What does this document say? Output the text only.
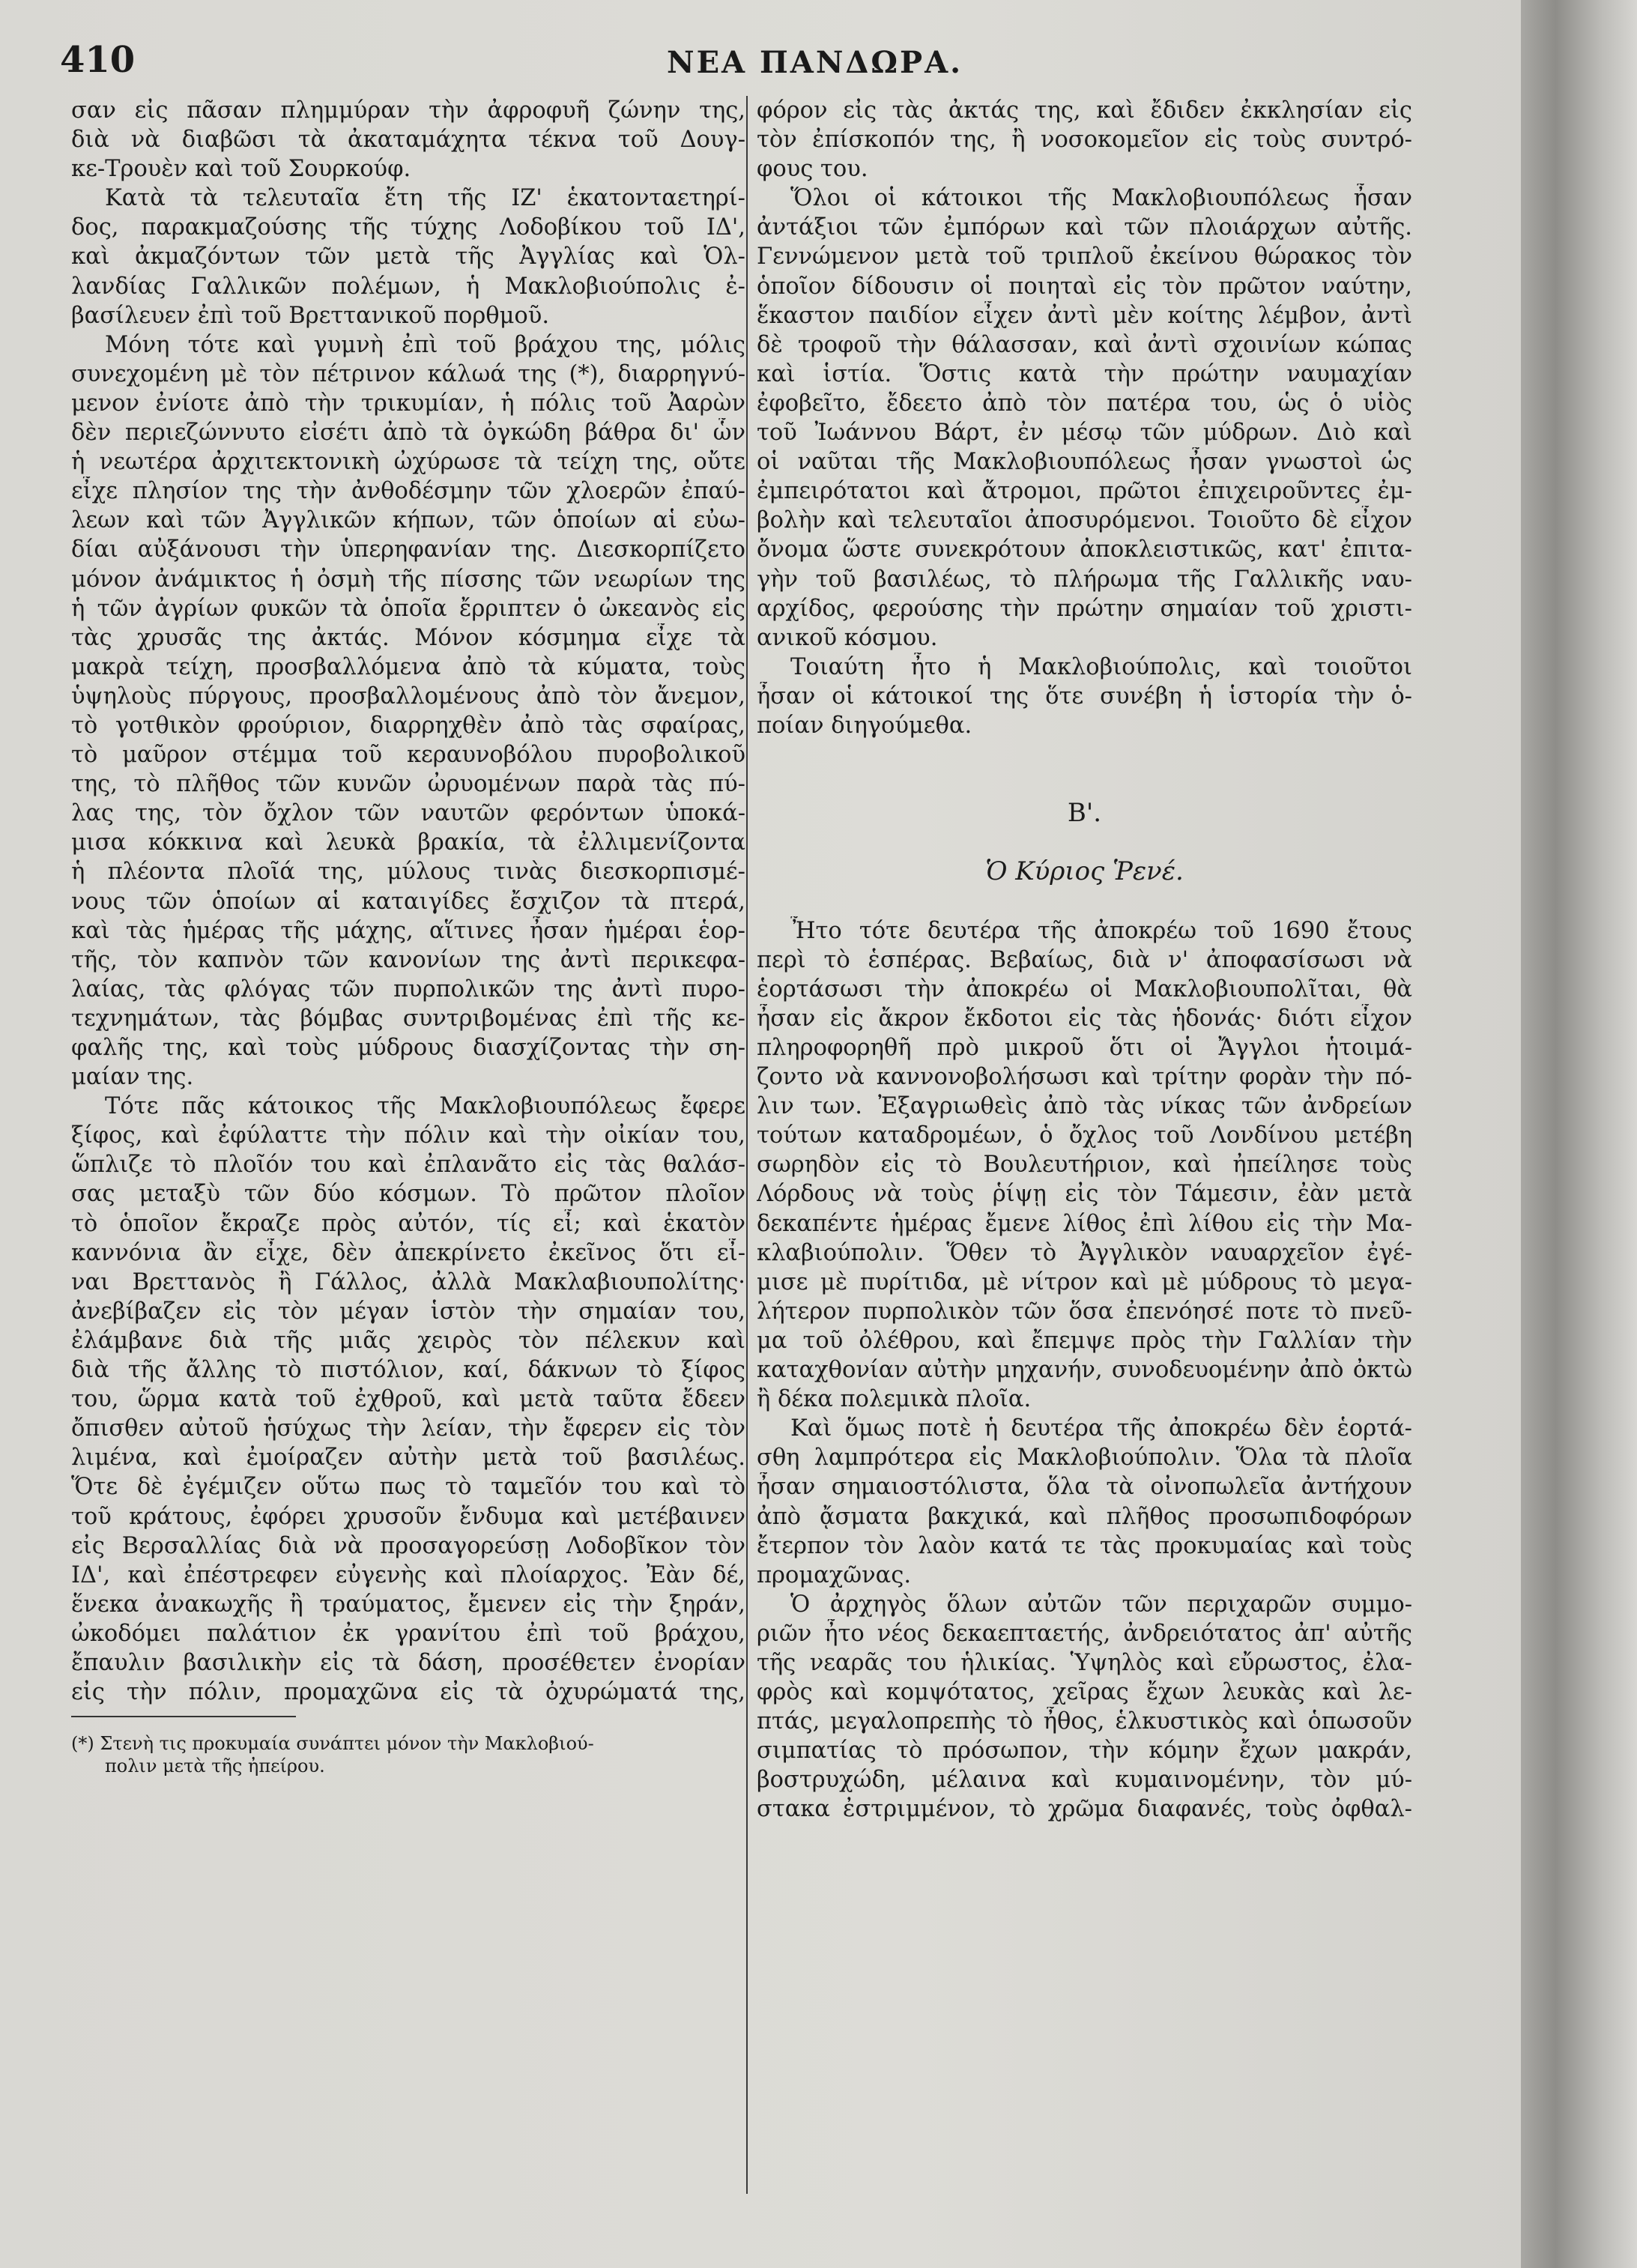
410	ΝΕΑ ΠΑΝΔΩΡΑ.
σαν εἰς πᾶσαν πλημμύραν τὴν ἀφροφυῆ ζώνην της,
διὰ νὰ διαβῶσι τὰ ἀκαταμάχητα τέκνα τοῦ Δουγ-
κε-Τρουὲν καὶ τοῦ Σουρκούφ.
Κατὰ τὰ τελευταῖα ἔτη τῆς ΙΖ' ἑκατονταετηρί-
δος, παρακμαζούσης τῆς τύχης Λοδοβίκου τοῦ ΙΔ',
καὶ ἀκμαζόντων τῶν μετὰ τῆς Ἀγγλίας καὶ Ὁλ-
λανδίας Γαλλικῶν πολέμων, ἡ Μακλοβιούπολις ἐ-
βασίλευεν ἐπὶ τοῦ Βρεττανικοῦ πορθμοῦ.
Μόνη τότε καὶ γυμνὴ ἐπὶ τοῦ βράχου της, μόλις
συνεχομένη μὲ τὸν πέτρινον κάλωά της (*), διαρρηγνύ-
μενον ἐνίοτε ἀπὸ τὴν τρικυμίαν, ἡ πόλις τοῦ Ἀαρὼν
δὲν περιεζώννυτο εἰσέτι ἀπὸ τὰ ὀγκώδη βάθρα δι' ὧν
ἡ νεωτέρα ἀρχιτεκτονικὴ ὠχύρωσε τὰ τείχη της, οὔτε
εἶχε πλησίον της τὴν ἀνθοδέσμην τῶν χλοερῶν ἐπαύ-
λεων καὶ τῶν Ἀγγλικῶν κήπων, τῶν ὁποίων αἱ εὐω-
δίαι αὐξάνουσι τὴν ὑπερηφανίαν της. Διεσκορπίζετο
μόνον ἀνάμικτος ἡ ὀσμὴ τῆς πίσσης τῶν νεωρίων της
ἡ τῶν ἀγρίων φυκῶν τὰ ὁποῖα ἔρριπτεν ὁ ὠκεανὸς εἰς
τὰς χρυσᾶς της ἀκτάς. Μόνον κόσμημα εἶχε τὰ
μακρὰ τείχη, προσβαλλόμενα ἀπὸ τὰ κύματα, τοὺς
ὑψηλοὺς πύργους, προσβαλλομένους ἀπὸ τὸν ἄνεμον,
τὸ γοτθικὸν φρούριον, διαρρηχθὲν ἀπὸ τὰς σφαίρας,
τὸ μαῦρον στέμμα τοῦ κεραυνοβόλου πυροβολικοῦ
της, τὸ πλῆθος τῶν κυνῶν ὠρυομένων παρὰ τὰς πύ-
λας της, τὸν ὄχλον τῶν ναυτῶν φερόντων ὑποκά-
μισα κόκκινα καὶ λευκὰ βρακία, τὰ ἐλλιμενίζοντα
ἡ πλέοντα πλοῖά της, μύλους τινὰς διεσκορπισμέ-
νους τῶν ὁποίων αἱ καταιγίδες ἔσχιζον τὰ πτερά,
καὶ τὰς ἡμέρας τῆς μάχης, αἵτινες ἦσαν ἡμέραι ἑορ-
τῆς, τὸν καπνὸν τῶν κανονίων της ἀντὶ περικεφα-
λαίας, τὰς φλόγας τῶν πυρπολικῶν της ἀντὶ πυρο-
τεχνημάτων, τὰς βόμβας συντριβομένας ἐπὶ τῆς κε-
φαλῆς της, καὶ τοὺς μύδρους διασχίζοντας τὴν ση-
μαίαν της.
Τότε πᾶς κάτοικος τῆς Μακλοβιουπόλεως ἔφερε
ξίφος, καὶ ἐφύλαττε τὴν πόλιν καὶ τὴν οἰκίαν του,
ὥπλιζε τὸ πλοῖόν του καὶ ἐπλανᾶτο εἰς τὰς θαλάσ-
σας μεταξὺ τῶν δύο κόσμων. Τὸ πρῶτον πλοῖον
τὸ ὁποῖον ἔκραζε πρὸς αὐτόν, τίς εἶ; καὶ ἑκατὸν
καννόνια ἂν εἶχε, δὲν ἀπεκρίνετο ἐκεῖνος ὅτι εἶ-
ναι Βρεττανὸς ἢ Γάλλος, ἀλλὰ Μακλαβιουπολίτης·
ἀνεβίβαζεν εἰς τὸν μέγαν ἱστὸν τὴν σημαίαν του,
ἐλάμβανε διὰ τῆς μιᾶς χειρὸς τὸν πέλεκυν καὶ
διὰ τῆς ἄλλης τὸ πιστόλιον, καί, δάκνων τὸ ξίφος
του, ὥρμα κατὰ τοῦ ἐχθροῦ, καὶ μετὰ ταῦτα ἔδεεν
ὄπισθεν αὐτοῦ ἡσύχως τὴν λείαν, τὴν ἔφερεν εἰς τὸν
λιμένα, καὶ ἐμοίραζεν αὐτὴν μετὰ τοῦ βασιλέως.
Ὅτε δὲ ἐγέμιζεν οὕτω πως τὸ ταμεῖόν του καὶ τὸ
τοῦ κράτους, ἐφόρει χρυσοῦν ἔνδυμα καὶ μετέβαινεν
εἰς Βερσαλλίας διὰ νὰ προσαγορεύσῃ Λοδοβῖκον τὸν
ΙΔ', καὶ ἐπέστρεφεν εὐγενὴς καὶ πλοίαρχος. Ἐὰν δέ,
ἕνεκα ἀνακωχῆς ἢ τραύματος, ἔμενεν εἰς τὴν ξηράν,
ὠκοδόμει παλάτιον ἐκ γρανίτου ἐπὶ τοῦ βράχου,
ἔπαυλιν βασιλικὴν εἰς τὰ δάση, προσέθετεν ἐνορίαν
εἰς τὴν πόλιν, προμαχῶνα εἰς τὰ ὀχυρώματά της,
(*) Στενὴ τις προκυμαία συνάπτει μόνον τὴν Μακλοβιού-
πολιν μετὰ τῆς ἠπείρου.
φόρον εἰς τὰς ἀκτάς της, καὶ ἔδιδεν ἐκκλησίαν εἰς
τὸν ἐπίσκοπόν της, ἢ νοσοκομεῖον εἰς τοὺς συντρό-
φους του.
Ὅλοι οἱ κάτοικοι τῆς Μακλοβιουπόλεως ἦσαν
ἀντάξιοι τῶν ἐμπόρων καὶ τῶν πλοιάρχων αὐτῆς.
Γεννώμενον μετὰ τοῦ τριπλοῦ ἐκείνου θώρακος τὸν
ὁποῖον δίδουσιν οἱ ποιηταὶ εἰς τὸν πρῶτον ναύτην,
ἕκαστον παιδίον εἶχεν ἀντὶ μὲν κοίτης λέμβον, ἀντὶ
δὲ τροφοῦ τὴν θάλασσαν, καὶ ἀντὶ σχοινίων κώπας
καὶ ἱστία. Ὅστις κατὰ τὴν πρώτην ναυμαχίαν
ἐφοβεῖτο, ἔδεετο ἀπὸ τὸν πατέρα του, ὡς ὁ υἱὸς
τοῦ Ἰωάννου Βάρτ, ἐν μέσῳ τῶν μύδρων. Διὸ καὶ
οἱ ναῦται τῆς Μακλοβιουπόλεως ἦσαν γνωστοὶ ὡς
ἐμπειρότατοι καὶ ἄτρομοι, πρῶτοι ἐπιχειροῦντες ἐμ-
βολὴν καὶ τελευταῖοι ἀποσυρόμενοι. Τοιοῦτο δὲ εἶχον
ὄνομα ὥστε συνεκρότουν ἀποκλειστικῶς, κατ' ἐπιτα-
γὴν τοῦ βασιλέως, τὸ πλήρωμα τῆς Γαλλικῆς ναυ-
αρχίδος, φερούσης τὴν πρώτην σημαίαν τοῦ χριστι-
ανικοῦ κόσμου.
Τοιαύτη ἦτο ἡ Μακλοβιούπολις, καὶ τοιοῦτοι
ἦσαν οἱ κάτοικοί της ὅτε συνέβη ἡ ἱστορία τὴν ὁ-
ποίαν διηγούμεθα.
Β'.
Ὁ Κύριος Ῥενέ.
Ἦτο τότε δευτέρα τῆς ἀποκρέω τοῦ 1690 ἔτους
περὶ τὸ ἑσπέρας. Βεβαίως, διὰ ν' ἀποφασίσωσι νὰ
ἑορτάσωσι τὴν ἀποκρέω οἱ Μακλοβιουπολῖται, θὰ
ἦσαν εἰς ἄκρον ἔκδοτοι εἰς τὰς ἡδονάς· διότι εἶχον
πληροφορηθῆ πρὸ μικροῦ ὅτι οἱ Ἄγγλοι ἡτοιμά-
ζοντο νὰ καννονοβολήσωσι καὶ τρίτην φορὰν τὴν πό-
λιν των. Ἐξαγριωθεὶς ἀπὸ τὰς νίκας τῶν ἀνδρείων
τούτων καταδρομέων, ὁ ὄχλος τοῦ Λονδίνου μετέβη
σωρηδὸν εἰς τὸ Βουλευτήριον, καὶ ἠπείλησε τοὺς
Λόρδους νὰ τοὺς ῥίψῃ εἰς τὸν Τάμεσιν, ἐὰν μετὰ
δεκαπέντε ἡμέρας ἔμενε λίθος ἐπὶ λίθου εἰς τὴν Μα-
κλαβιούπολιν. Ὅθεν τὸ Ἀγγλικὸν ναυαρχεῖον ἐγέ-
μισε μὲ πυρίτιδα, μὲ νίτρον καὶ μὲ μύδρους τὸ μεγα-
λήτερον πυρπολικὸν τῶν ὅσα ἐπενόησέ ποτε τὸ πνεῦ-
μα τοῦ ὀλέθρου, καὶ ἔπεμψε πρὸς τὴν Γαλλίαν τὴν
καταχθονίαν αὐτὴν μηχανήν, συνοδευομένην ἀπὸ ὀκτὼ
ἢ δέκα πολεμικὰ πλοῖα.
Καὶ ὅμως ποτὲ ἡ δευτέρα τῆς ἀποκρέω δὲν ἑορτά-
σθη λαμπρότερα εἰς Μακλοβιούπολιν. Ὅλα τὰ πλοῖα
ἦσαν σημαιοστόλιστα, ὅλα τὰ οἰνοπωλεῖα ἀντήχουν
ἀπὸ ᾄσματα βακχικά, καὶ πλῆθος προσωπιδοφόρων
ἔτερπον τὸν λαὸν κατά τε τὰς προκυμαίας καὶ τοὺς
προμαχῶνας.
Ὁ ἀρχηγὸς ὅλων αὐτῶν τῶν περιχαρῶν συμμο-
ριῶν ἦτο νέος δεκαεπταετής, ἀνδρειότατος ἀπ' αὐτῆς
τῆς νεαρᾶς του ἡλικίας. Ὑψηλὸς καὶ εὔρωστος, ἐλα-
φρὸς καὶ κομψότατος, χεῖρας ἔχων λευκὰς καὶ λε-
πτάς, μεγαλοπρεπὴς τὸ ἦθος, ἑλκυστικὸς καὶ ὁπωσοῦν
σιμπατίας τὸ πρόσωπον, τὴν κόμην ἔχων μακράν,
βοστρυχώδη, μέλαινα καὶ κυμαινομένην, τὸν μύ-
στακα ἐστριμμένον, τὸ χρῶμα διαφανές, τοὺς ὀφθαλ-
